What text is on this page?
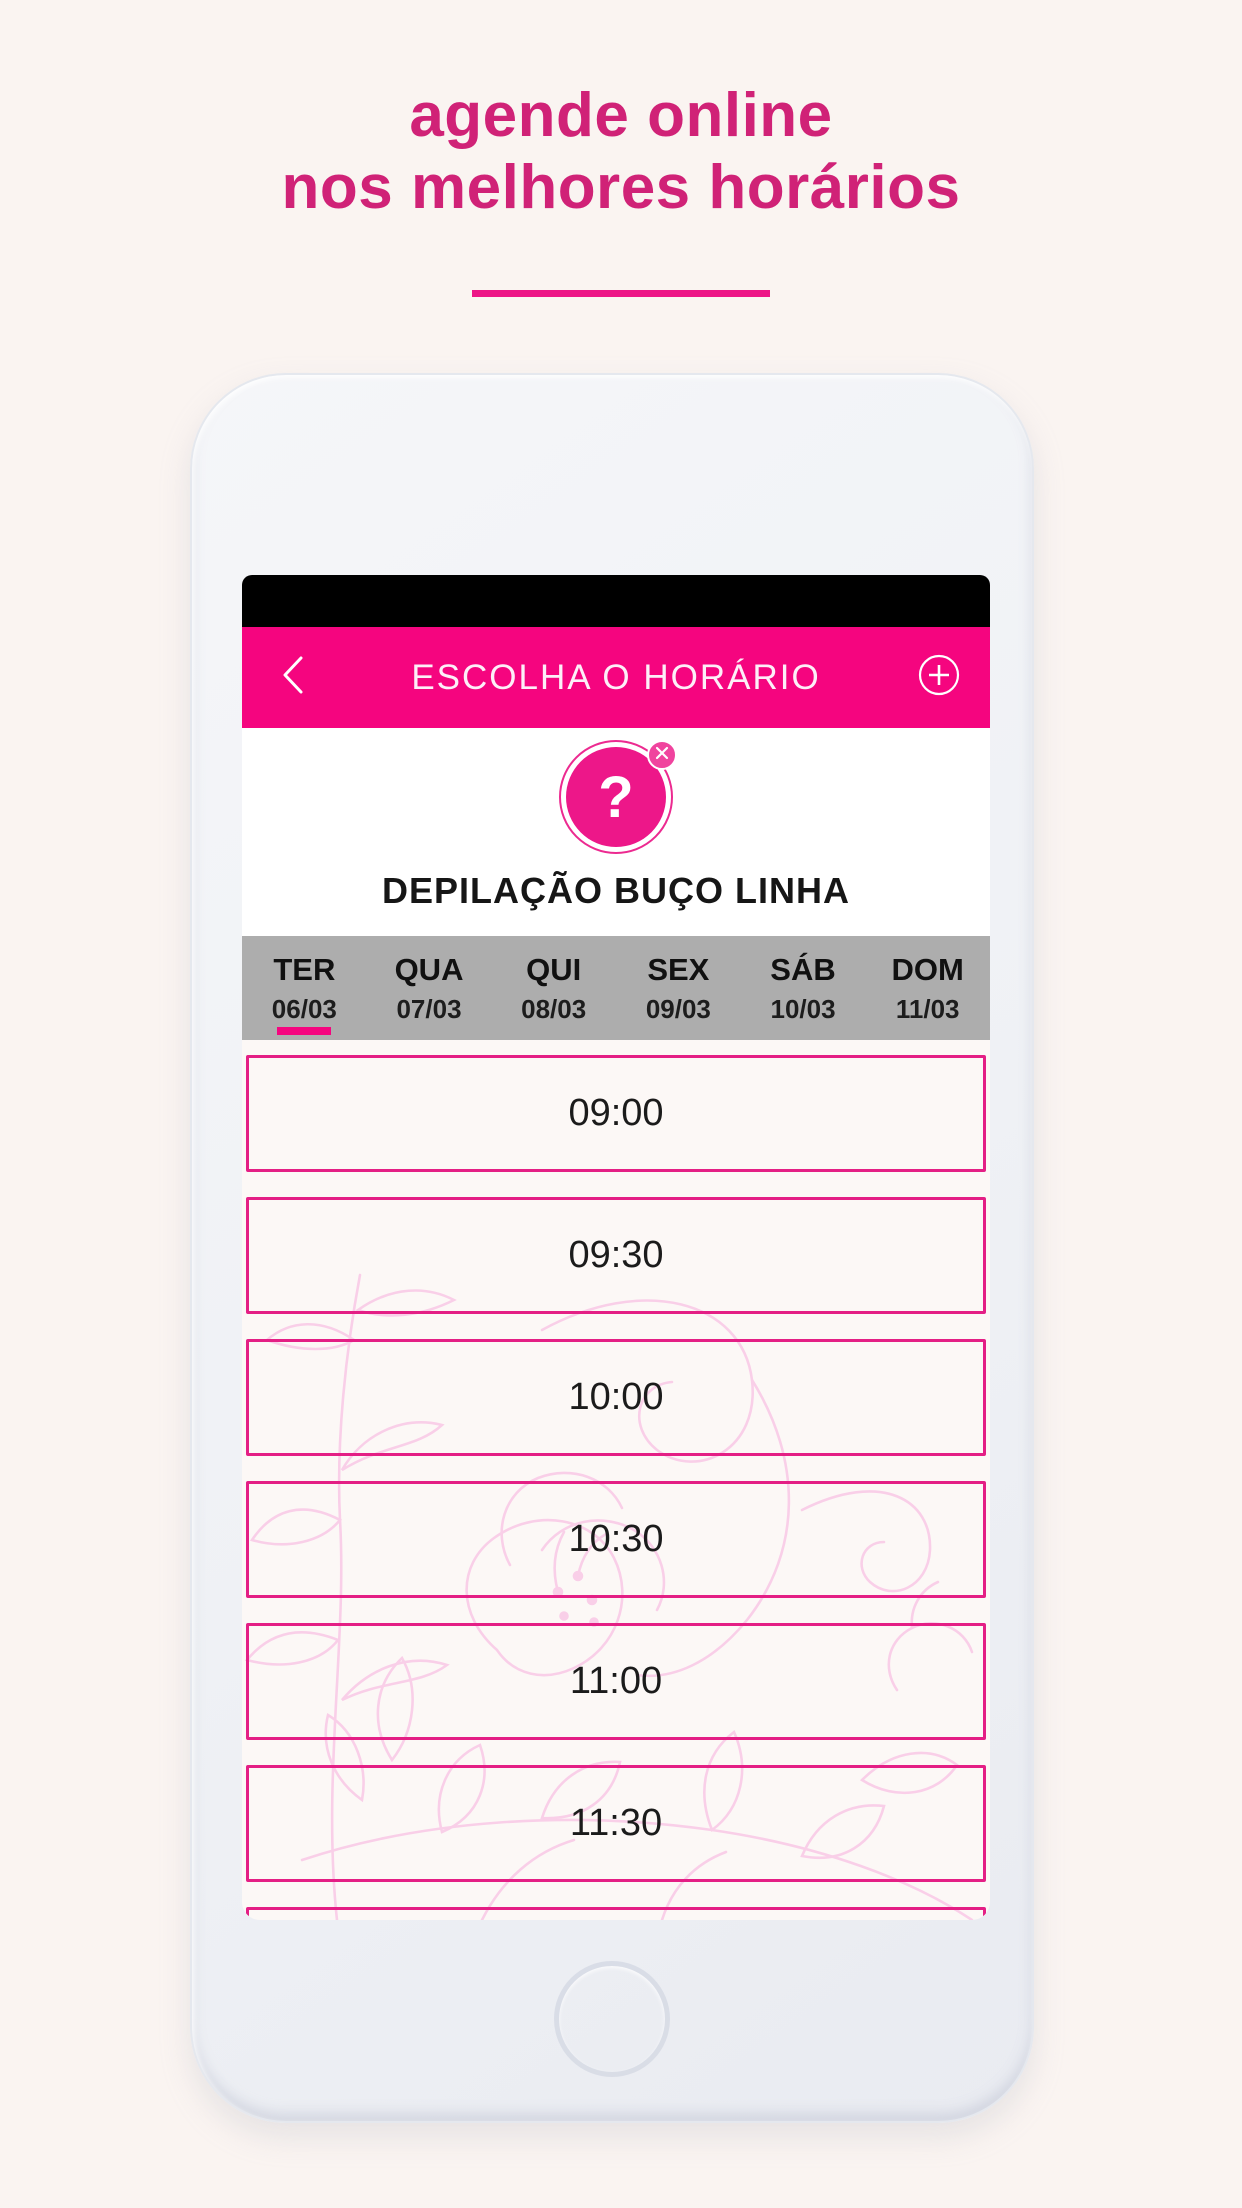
agende online
nos melhores horários
ESCOLHA O HORÁRIO
?
DEPILAÇÃO BUÇO LINHA
TER
06/03
QUA
07/03
QUI
08/03
SEX
09/03
SÁB
10/03
DOM
11/03
09:00
09:30
10:00
10:30
11:00
11:30
